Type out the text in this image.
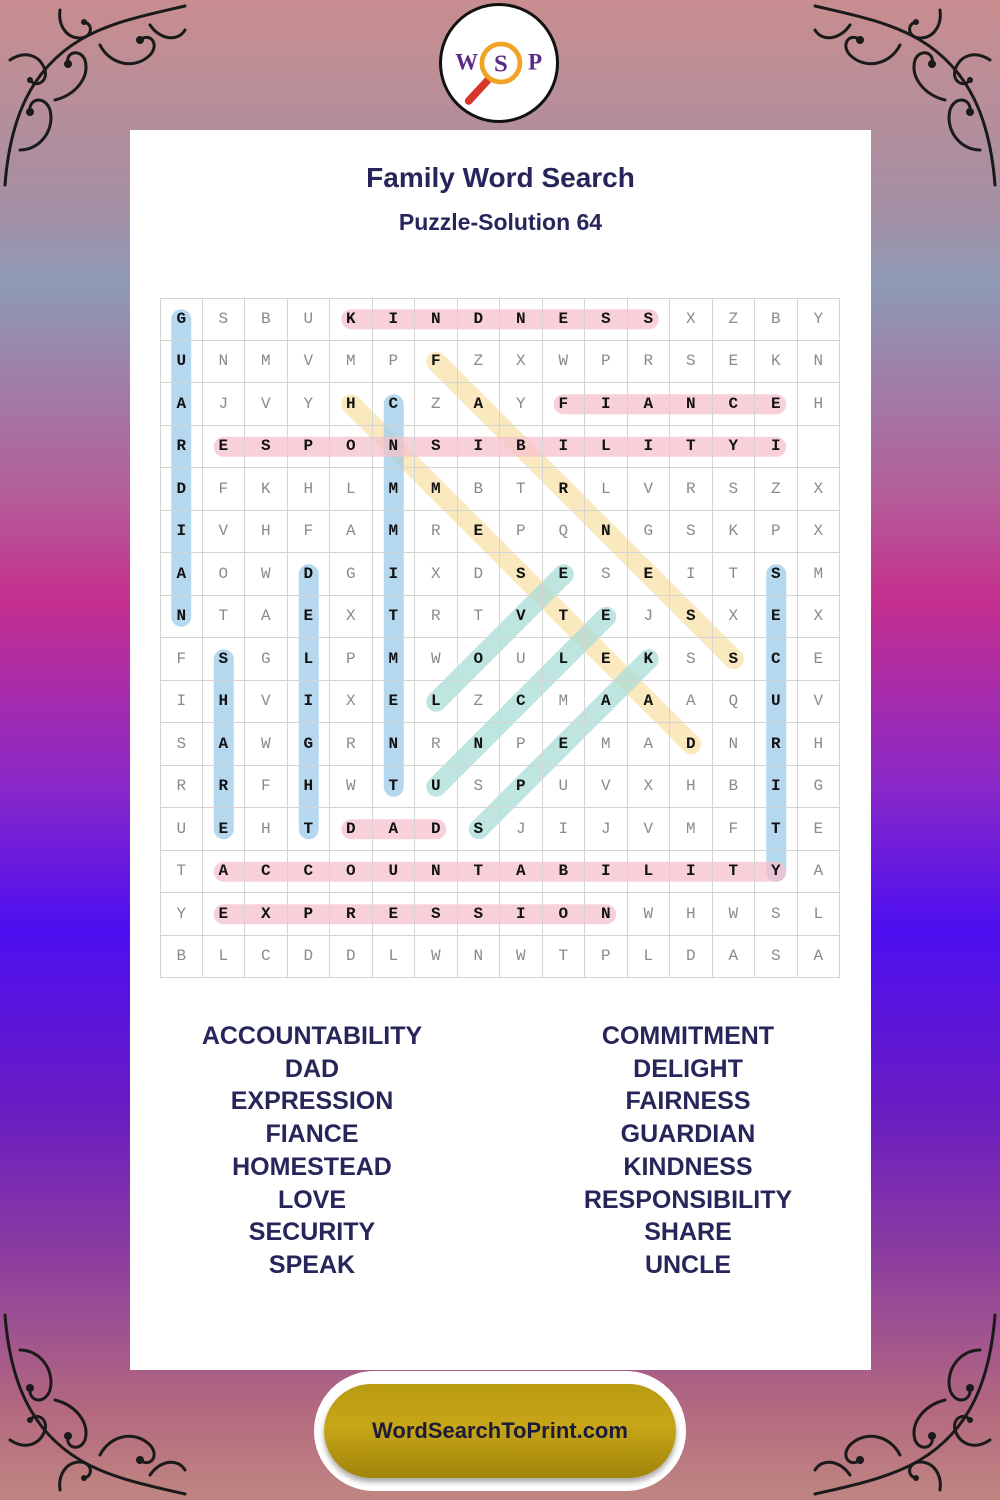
Family Word Search
Puzzle-Solution 64
W S P
G	S	B	U	K	I	N	D	N	E	S	S	X	Z	B	Y
U	N	M	V	M	P	F	Z	X	W	P	R	S	E	K	N
A	J	V	Y	H	C	Z	A	Y	F	I	A	N	C	E	H
R	E	S	P	O	N	S	I	B	I	L	I	T	Y	I
D	F	K	H	L	M	M	B	T	R	L	V	R	S	Z	X
I	V	H	F	A	M	R	E	P	Q	N	G	S	K	P	X
A	O	W	D	G	I	X	D	S	E	S	E	I	T	S	M
N	T	A	E	X	T	R	T	V	T	E	J	S	X	E	X
F	S	G	L	P	M	W	O	U	L	E	K	S	S	C	E
I	H	V	I	X	E	L	Z	C	M	A	A	A	Q	U	V
S	A	W	G	R	N	R	N	P	E	M	A	D	N	R	H
R	R	F	H	W	T	U	S	P	U	V	X	H	B	I	G
U	E	H	T	D	A	D	S	J	I	J	V	M	F	T	E
T	A	C	C	O	U	N	T	A	B	I	L	I	T	Y	A
Y	E	X	P	R	E	S	S	I	O	N	W	H	W	S	L
B	L	C	D	D	L	W	N	W	T	P	L	D	A	S	A
ACCOUNTABILITY
DAD
EXPRESSION
FIANCE
HOMESTEAD
LOVE
SECURITY
SPEAK
COMMITMENT
DELIGHT
FAIRNESS
GUARDIAN
KINDNESS
RESPONSIBILITY
SHARE
UNCLE
WordSearchToPrint.com
